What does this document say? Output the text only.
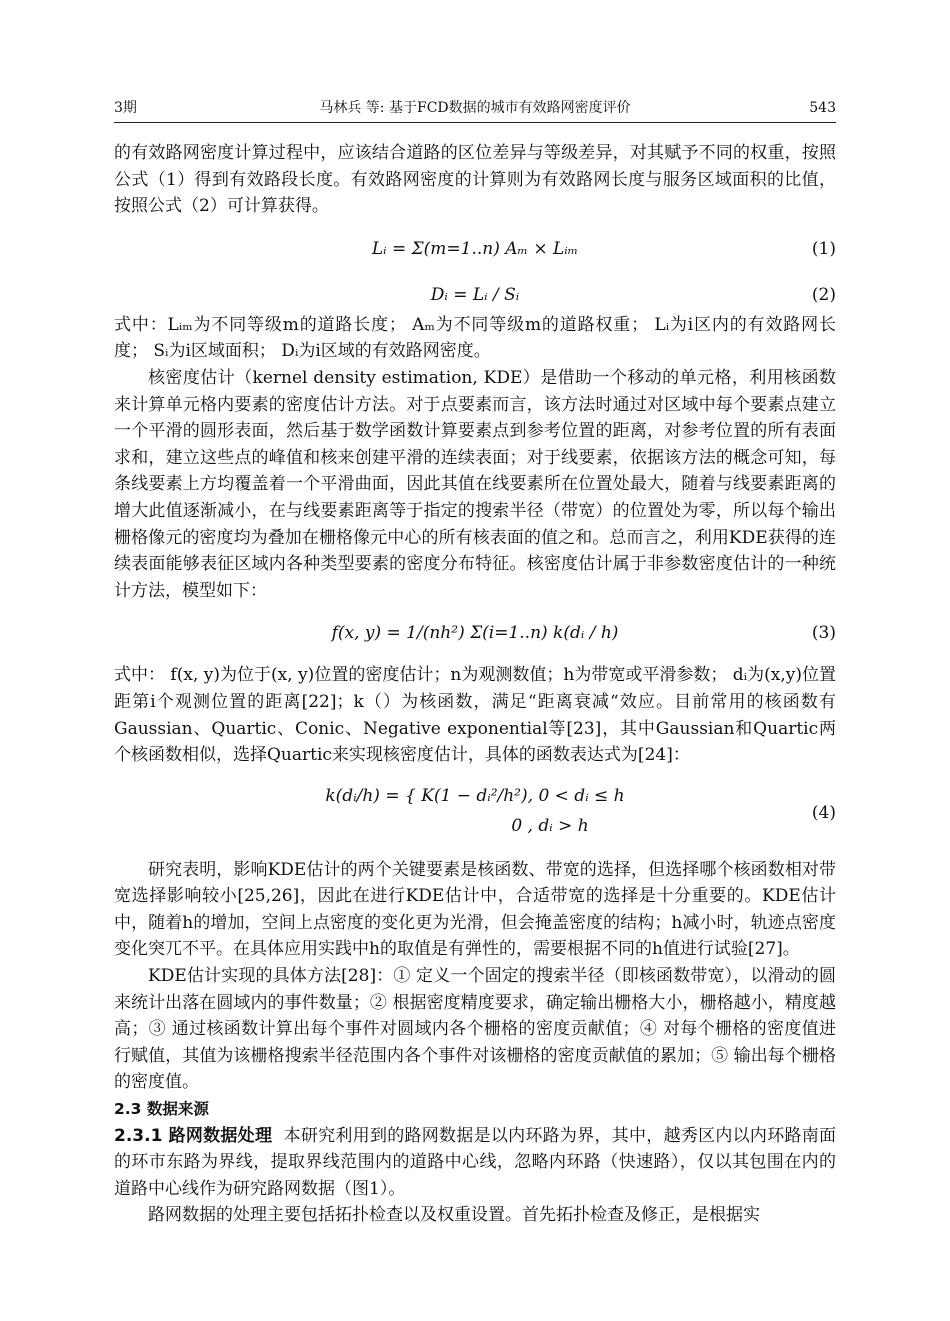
3期	马林兵 等: 基于FCD数据的城市有效路网密度评价	543

的有效路网密度计算过程中，应该结合道路的区位差异与等级差异，对其赋予不同的权重，按照公式（1）得到有效路段长度。有效路网密度的计算则为有效路网长度与服务区域面积的比值，按照公式（2）可计算获得。

Lᵢ = Σ(m=1..n) Aₘ × Lᵢₘ	(1)
Dᵢ = Lᵢ / Sᵢ	(2)

式中：Lᵢₘ为不同等级m的道路长度； Aₘ为不同等级m的道路权重； Lᵢ为i区内的有效路网长度； Sᵢ为i区域面积； Dᵢ为i区域的有效路网密度。

核密度估计（kernel density estimation, KDE）是借助一个移动的单元格，利用核函数来计算单元格内要素的密度估计方法。对于点要素而言，该方法时通过对区域中每个要素点建立一个平滑的圆形表面，然后基于数学函数计算要素点到参考位置的距离，对参考位置的所有表面求和，建立这些点的峰值和核来创建平滑的连续表面；对于线要素，依据该方法的概念可知，每条线要素上方均覆盖着一个平滑曲面，因此其值在线要素所在位置处最大，随着与线要素距离的增大此值逐渐减小，在与线要素距离等于指定的搜索半径（带宽）的位置处为零，所以每个输出栅格像元的密度均为叠加在栅格像元中心的所有核表面的值之和。总而言之，利用KDE获得的连续表面能够表征区域内各种类型要素的密度分布特征。核密度估计属于非参数密度估计的一种统计方法，模型如下：

f(x, y) = 1/(nh²) Σ(i=1..n) k(dᵢ / h)	(3)

式中： f(x, y)为位于(x, y)位置的密度估计；n为观测数值；h为带宽或平滑参数； dᵢ为(x,y)位置距第i个观测位置的距离[22]；k（）为核函数，满足“距离衰减“效应。目前常用的核函数有Gaussian、Quartic、Conic、Negative exponential等[23]，其中Gaussian和Quartic两个核函数相似，选择Quartic来实现核密度估计，具体的函数表达式为[24]：

k(dᵢ/h) = { K(1 − dᵢ²/h²), 0 < dᵢ ≤ h
0 , dᵢ > h
(4)

研究表明，影响KDE估计的两个关键要素是核函数、带宽的选择，但选择哪个核函数相对带宽选择影响较小[25,26]，因此在进行KDE估计中，合适带宽的选择是十分重要的。KDE估计中，随着h的增加，空间上点密度的变化更为光滑，但会掩盖密度的结构；h减小时，轨迹点密度变化突兀不平。在具体应用实践中h的取值是有弹性的，需要根据不同的h值进行试验[27]。

KDE估计实现的具体方法[28]：① 定义一个固定的搜索半径（即核函数带宽），以滑动的圆来统计出落在圆域内的事件数量；② 根据密度精度要求，确定输出栅格大小，栅格越小，精度越高；③ 通过核函数计算出每个事件对圆域内各个栅格的密度贡献值；④ 对每个栅格的密度值进行赋值，其值为该栅格搜索半径范围内各个事件对该栅格的密度贡献值的累加；⑤ 输出每个栅格的密度值。

2.3 数据来源

2.3.1 路网数据处理 本研究利用到的路网数据是以内环路为界，其中，越秀区内以内环路南面的环市东路为界线，提取界线范围内的道路中心线，忽略内环路（快速路），仅以其包围在内的道路中心线作为研究路网数据（图1）。

路网数据的处理主要包括拓扑检查以及权重设置。首先拓扑检查及修正，是根据实
